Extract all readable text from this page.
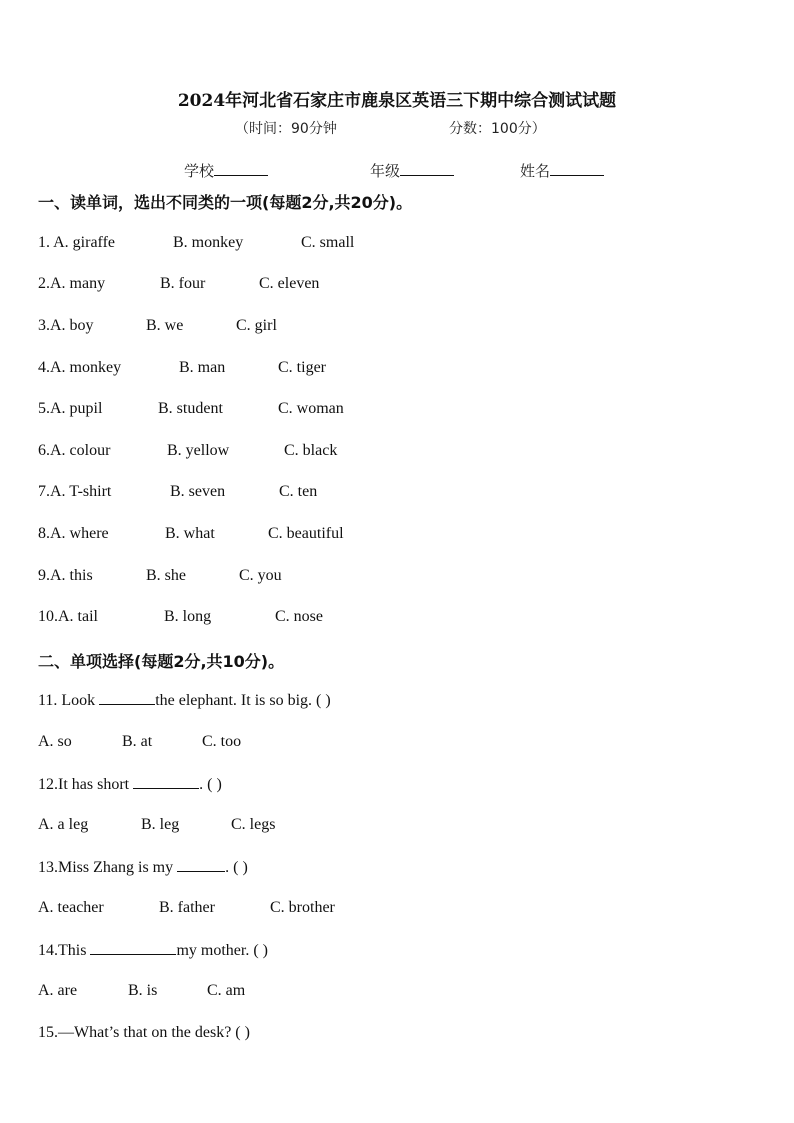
2024年河北省石家庄市鹿泉区英语三下期中综合测试试题
（时间：90分钟	分数：100分）
学校	年级	姓名
一、读单词，选出不同类的一项(每题2分,共20分)。
1. A. giraffe	B. monkey	C. small
2.A. many	B. four	C. eleven
3.A. boy	B. we	C. girl
4.A. monkey	B. man	C. tiger
5.A. pupil	B. student	C. woman
6.A. colour	B. yellow	C. black
7.A. T-shirt	B. seven	C. ten
8.A. where	B. what	C. beautiful
9.A. this	B. she	C. you
10.A. tail	B. long	C. nose
二、单项选择(每题2分,共10分)。
11. Look	the elephant. It is so big. ( )
A. so	B. at	C. too
12.It has short	. ( )
A. a leg	B. leg	C. legs
13.Miss Zhang is my	. ( )
A. teacher	B. father	C. brother
14.This	my mother. ( )
A. are	B. is	C. am
15.—What’s that on the desk? ( )
